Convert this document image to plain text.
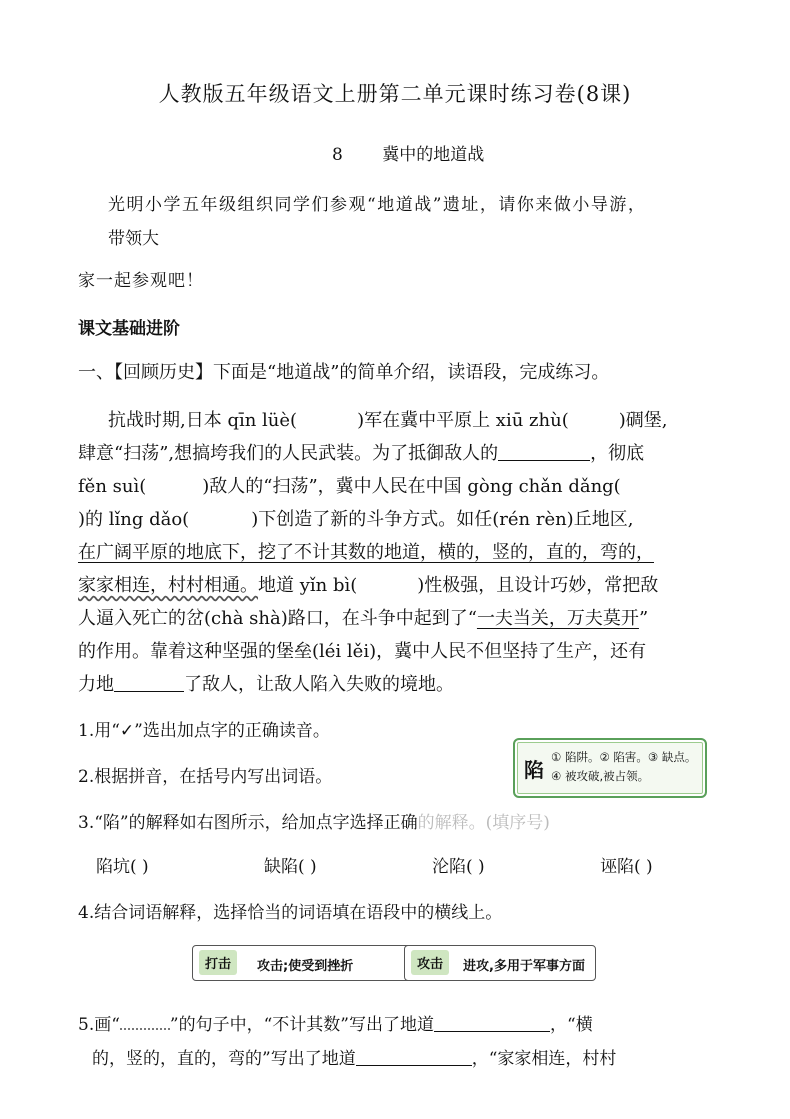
人教版五年级语文上册第二单元课时练习卷(8课)
8 冀中的地道战
光明小学五年级组织同学们参观“地道战”遗址，请你来做小导游，
带领大
家一起参观吧！
课文基础进阶
一、【回顾历史】下面是“地道战”的简单介绍，读语段，完成练习。
抗战时期,日本 qīn lüè(	)军在冀中平原上 xiū zhù(	)碉堡,
肆意“扫荡”,想搞垮我们的人民武装。为了抵御敌人的	，彻底
fěn suì(	)敌人的“扫荡”，冀中人民在中国 gòng chǎn dǎng(
)的 lǐng dǎo(	)下创造了新的斗争方式。如任(rén rèn)丘地区,
在广阔平原的地底下，挖了不计其数的地道，横的，竖的，直的，弯的，
家家相连，村村相通。地道 yǐn bì(	)性极强，且设计巧妙，常把敌
人逼入死亡的岔(chà shà)路口，在斗争中起到了“一夫当关，万夫莫开”
的作用。靠着这种坚强的堡垒(léi lěi)，冀中人民不但坚持了生产，还有
力地	了敌人，让敌人陷入失败的境地。
1.用“✓”选出加点字的正确读音。
2.根据拼音，在括号内写出词语。
3.“陷”的解释如右图所示，给加点字选择正确的解释。(填序号)
陷坑( )	缺陷( )	沦陷( )	诬陷( )
陷
① 陷阱。② 陷害。③ 缺点。④ 被攻破,被占领。
4.结合词语解释，选择恰当的词语填在语段中的横线上。
打击	攻击;使受到挫折	攻击	进攻,多用于军事方面
5.画“	”的句子中，“不计其数”写出了地道	，“横
的，竖的，直的，弯的”写出了地道	，“家家相连，村村
